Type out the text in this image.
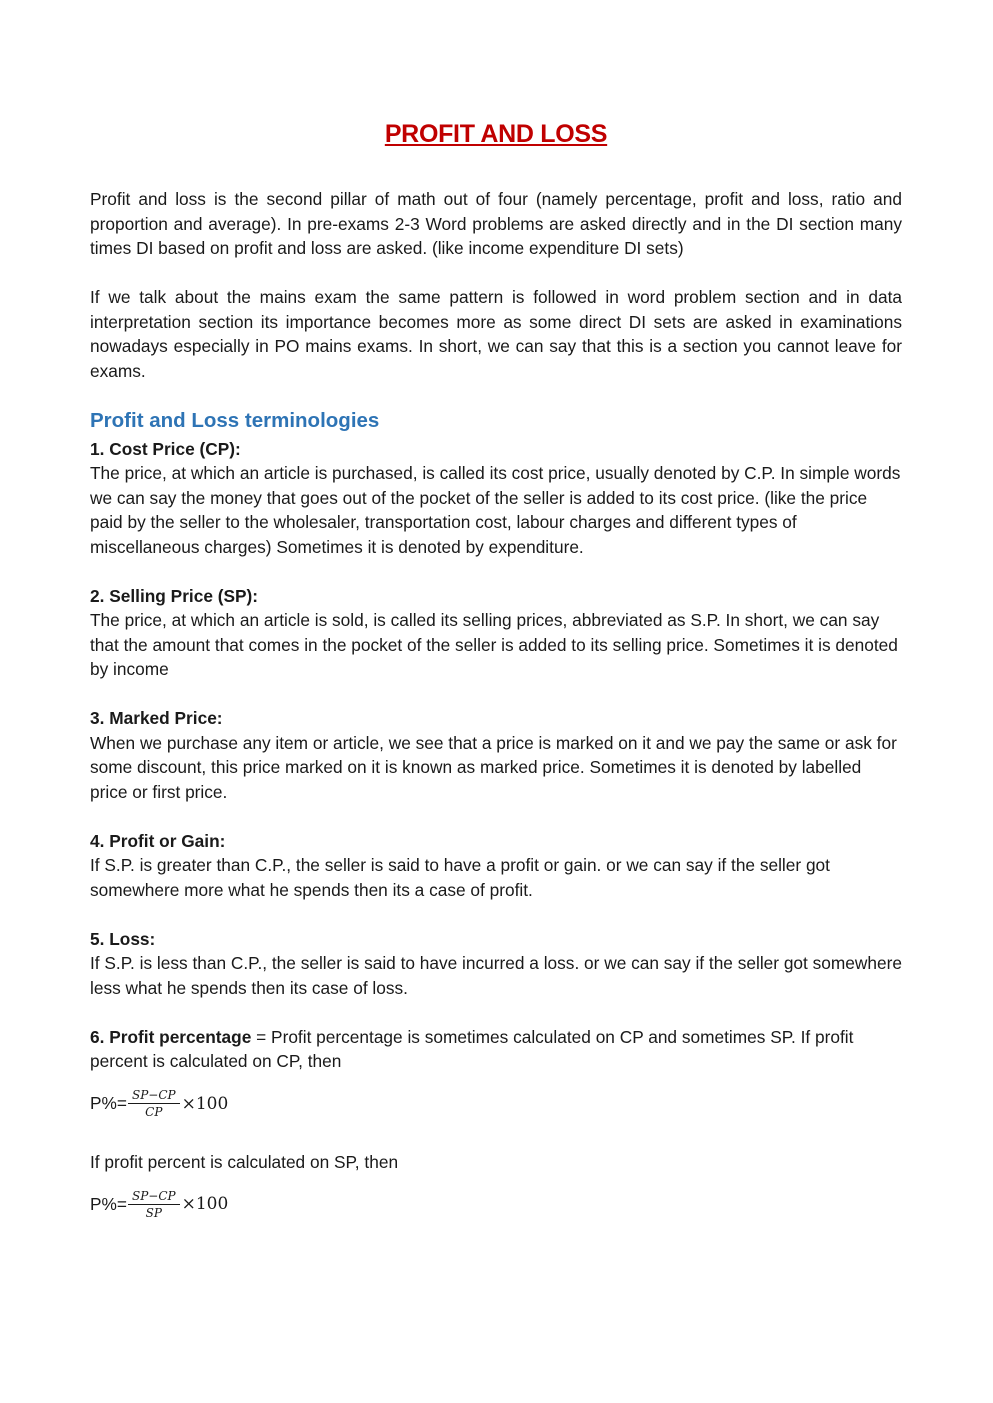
PROFIT AND LOSS

Profit and loss is the second pillar of math out of four (namely percentage, profit and loss, ratio and proportion and average). In pre-exams 2-3 Word problems are asked directly and in the DI section many times DI based on profit and loss are asked. (like income expenditure DI sets)

If we talk about the mains exam the same pattern is followed in word problem section and in data interpretation section its importance becomes more as some direct DI sets are asked in examinations nowadays especially in PO mains exams. In short, we can say that this is a section you cannot leave for exams.

Profit and Loss terminologies
1. Cost Price (CP):
The price, at which an article is purchased, is called its cost price, usually denoted by C.P. In simple words we can say the money that goes out of the pocket of the seller is added to its cost price. (like the price paid by the seller to the wholesaler, transportation cost, labour charges and different types of miscellaneous charges) Sometimes it is denoted by expenditure.
2. Selling Price (SP):
The price, at which an article is sold, is called its selling prices, abbreviated as S.P. In short, we can say that the amount that comes in the pocket of the seller is added to its selling price. Sometimes it is denoted by income
3. Marked Price:
When we purchase any item or article, we see that a price is marked on it and we pay the same or ask for some discount, this price marked on it is known as marked price. Sometimes it is denoted by labelled price or first price.
4. Profit or Gain:
If S.P. is greater than C.P., the seller is said to have a profit or gain. or we can say if the seller got somewhere more what he spends then its a case of profit.
5. Loss:
If S.P. is less than C.P., the seller is said to have incurred a loss. or we can say if the seller got somewhere less what he spends then its case of loss.
6. Profit percentage = Profit percentage is sometimes calculated on CP and sometimes SP. If profit percent is calculated on CP, then
$P\%= \frac{SP-CP}{CP} \times 100$

If profit percent is calculated on SP, then

$P\%= \frac{SP-CP}{SP} \times 100$
